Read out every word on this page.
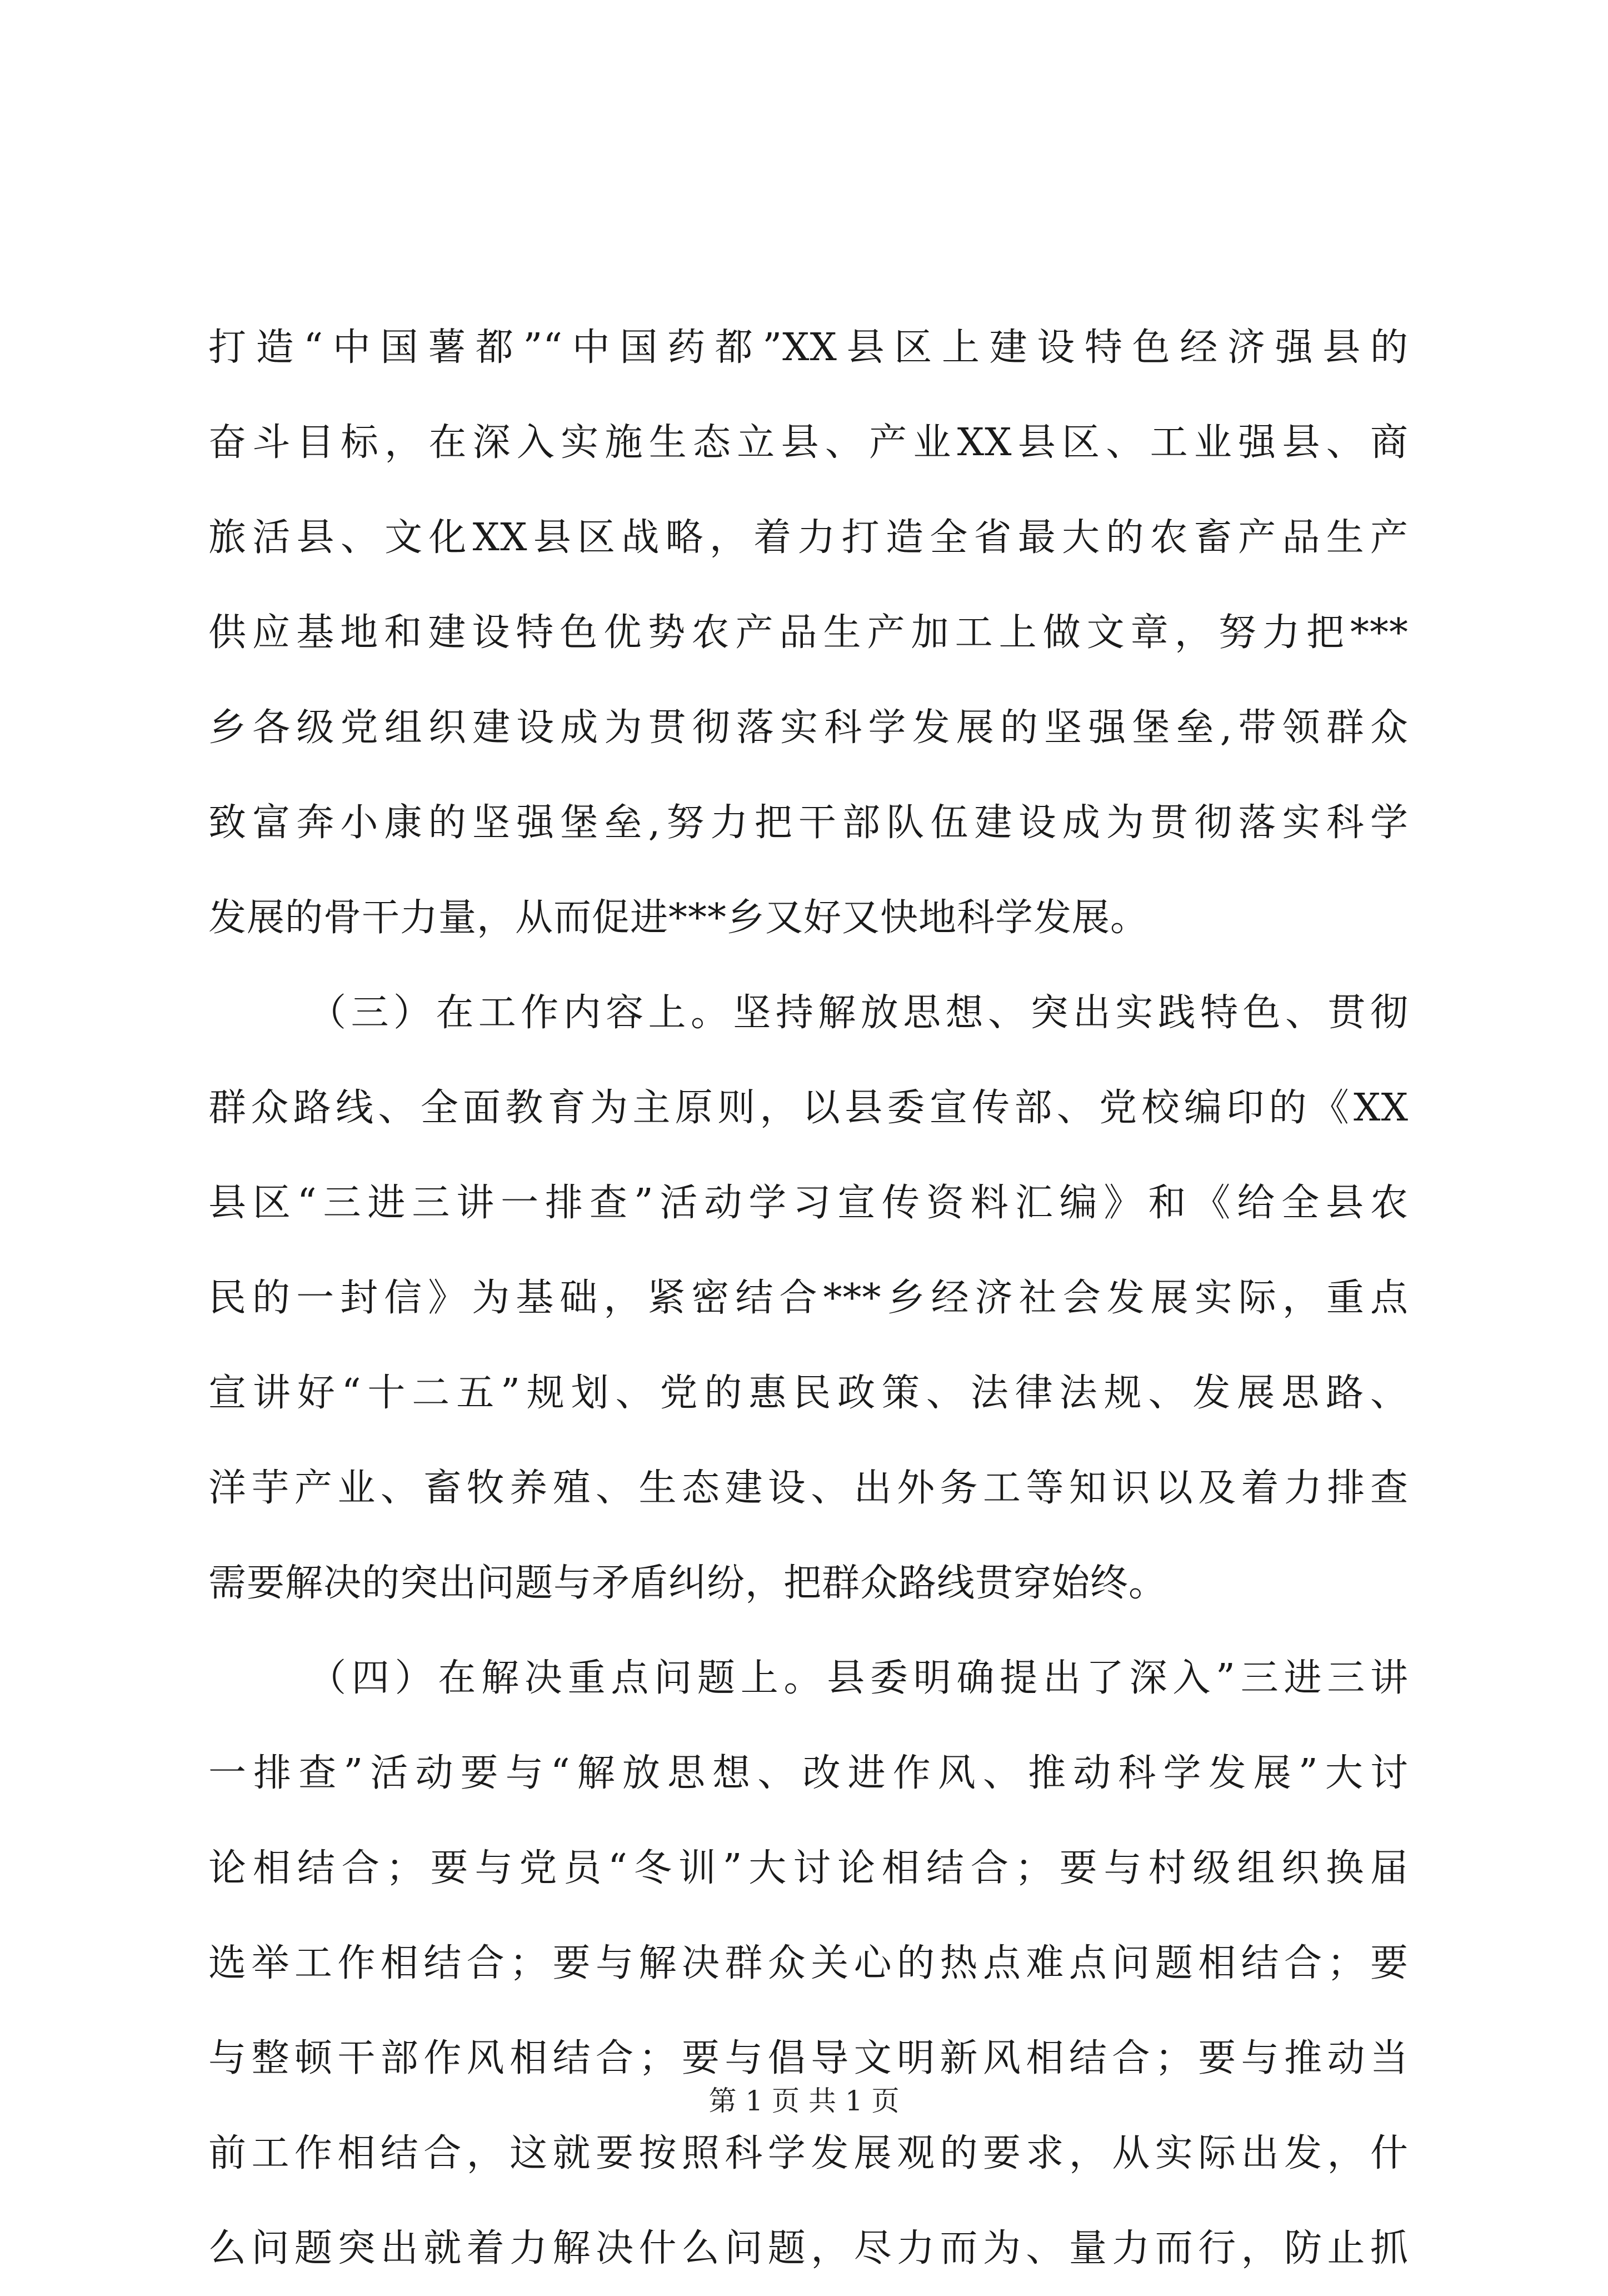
打造“中国薯都”“中国药都”XX县区上建设特色经济强县的
奋斗目标，在深入实施生态立县、产业XX县区、工业强县、商
旅活县、文化XX县区战略，着力打造全省最大的农畜产品生产
供应基地和建设特色优势农产品生产加工上做文章，努力把***
乡各级党组织建设成为贯彻落实科学发展的坚强堡垒,带领群众
致富奔小康的坚强堡垒,努力把干部队伍建设成为贯彻落实科学
发展的骨干力量，从而促进***乡又好又快地科学发展。
（三）在工作内容上。坚持解放思想、突出实践特色、贯彻
群众路线、全面教育为主原则，以县委宣传部、党校编印的《XX
县区“三进三讲一排查”活动学习宣传资料汇编》和《给全县农
民的一封信》为基础，紧密结合***乡经济社会发展实际，重点
宣讲好“十二五”规划、党的惠民政策、法律法规、发展思路、
洋芋产业、畜牧养殖、生态建设、出外务工等知识以及着力排查
需要解决的突出问题与矛盾纠纷，把群众路线贯穿始终。
（四）在解决重点问题上。县委明确提出了深入”三进三讲
一排查”活动要与“解放思想、改进作风、推动科学发展”大讨
论相结合；要与党员“冬训”大讨论相结合；要与村级组织换届
选举工作相结合；要与解决群众关心的热点难点问题相结合；要
与整顿干部作风相结合；要与倡导文明新风相结合；要与推动当
前工作相结合，这就要按照科学发展观的要求，从实际出发，什
么问题突出就着力解决什么问题，尽力而为、量力而行，防止抓
第 1 页 共 1 页
